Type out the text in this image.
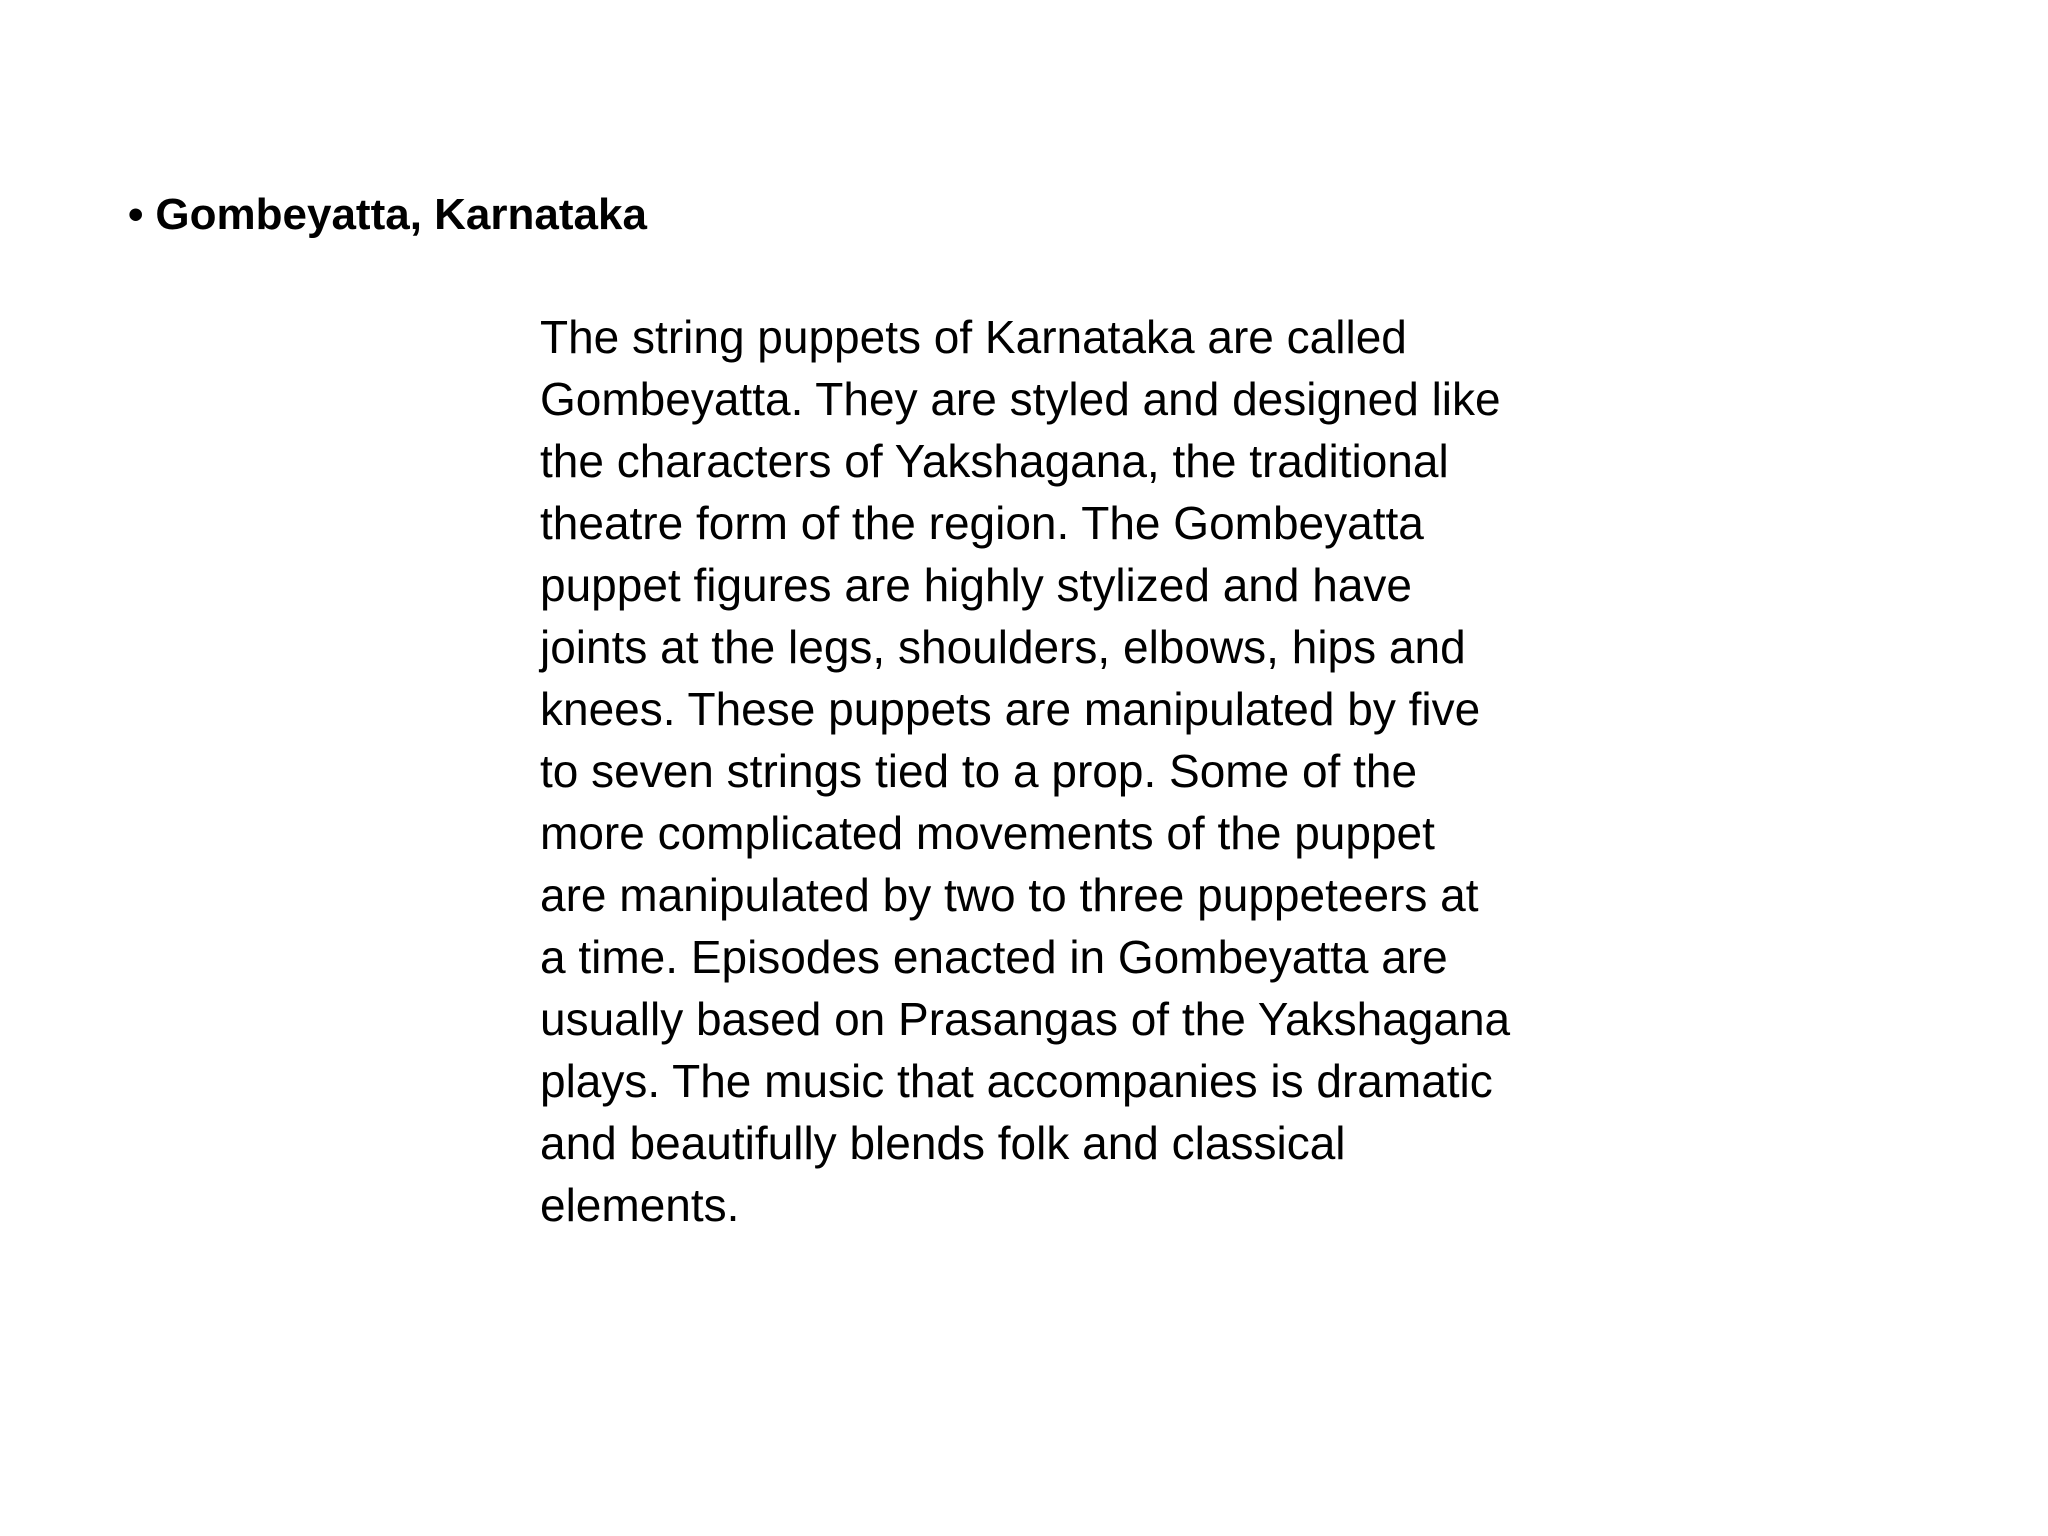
• Gombeyatta, Karnataka

The string puppets of Karnataka are called
Gombeyatta. They are styled and designed like
the characters of Yakshagana, the traditional
theatre form of the region. The Gombeyatta
puppet figures are highly stylized and have
joints at the legs, shoulders, elbows, hips and
knees. These puppets are manipulated by five
to seven strings tied to a prop. Some of the
more complicated movements of the puppet
are manipulated by two to three puppeteers at
a time. Episodes enacted in Gombeyatta are
usually based on Prasangas of the Yakshagana
plays. The music that accompanies is dramatic
and beautifully blends folk and classical
elements.
